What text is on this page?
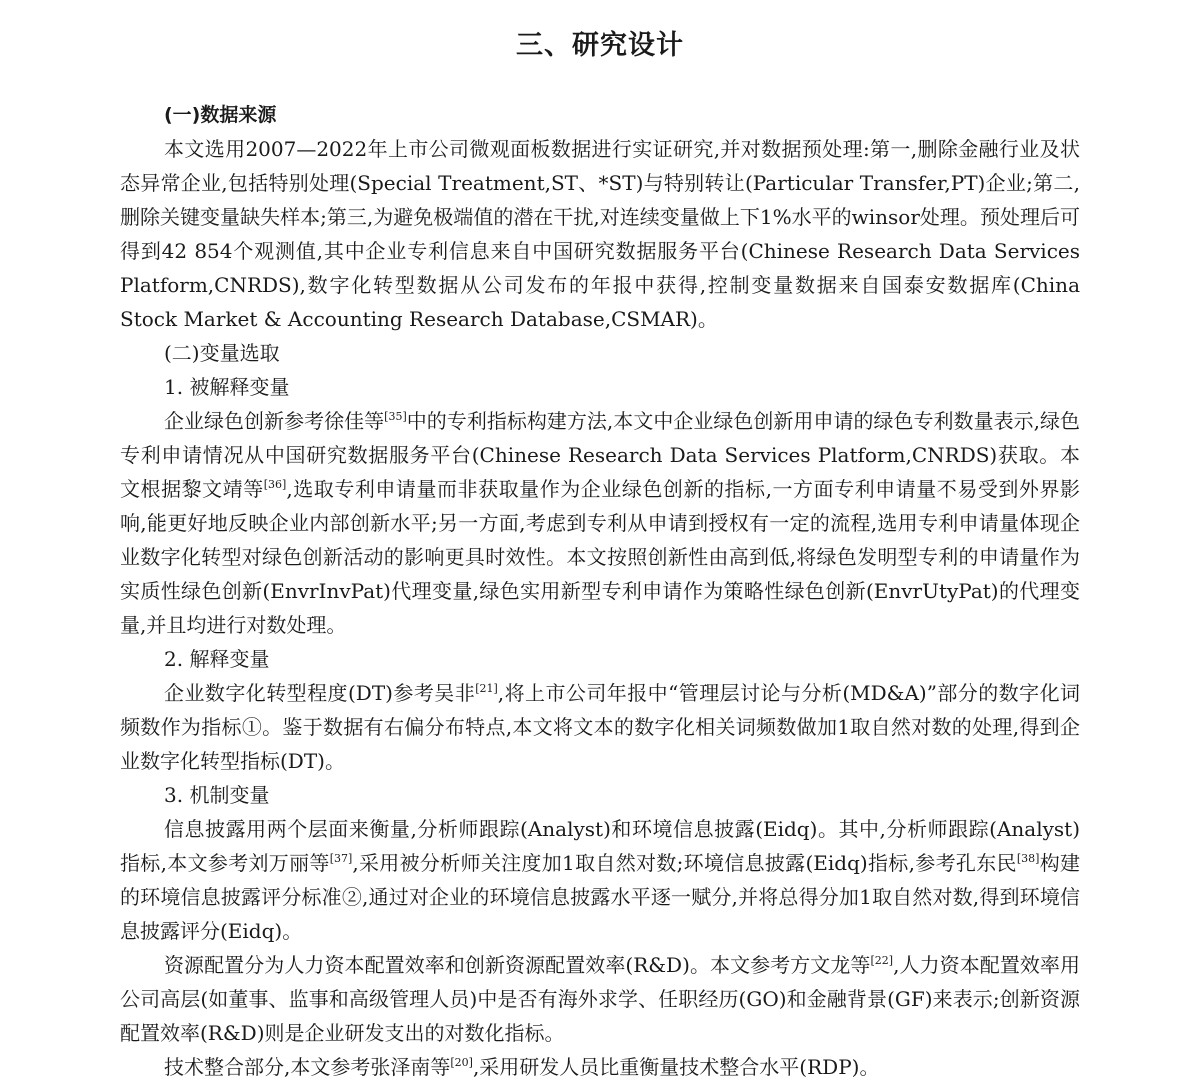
三、研究设计
(一)数据来源

本文选用2007—2022年上市公司微观面板数据进行实证研究,并对数据预处理:第一,删除金融行业及状态异常企业,包括特别处理(Special Treatment,ST、*ST)与特别转让(Particular Transfer,PT)企业;第二,删除关键变量缺失样本;第三,为避免极端值的潜在干扰,对连续变量做上下1%水平的winsor处理。预处理后可得到42 854个观测值,其中企业专利信息来自中国研究数据服务平台(Chinese Research Data Services Platform,CNRDS),数字化转型数据从公司发布的年报中获得,控制变量数据来自国泰安数据库(China Stock Market & Accounting Research Database,CSMAR)。

(二)变量选取
1. 被解释变量

企业绿色创新参考徐佳等[35]中的专利指标构建方法,本文中企业绿色创新用申请的绿色专利数量表示,绿色专利申请情况从中国研究数据服务平台(Chinese Research Data Services Platform,CNRDS)获取。本文根据黎文靖等[36],选取专利申请量而非获取量作为企业绿色创新的指标,一方面专利申请量不易受到外界影响,能更好地反映企业内部创新水平;另一方面,考虑到专利从申请到授权有一定的流程,选用专利申请量体现企业数字化转型对绿色创新活动的影响更具时效性。本文按照创新性由高到低,将绿色发明型专利的申请量作为实质性绿色创新(EnvrInvPat)代理变量,绿色实用新型专利申请作为策略性绿色创新(EnvrUtyPat)的代理变量,并且均进行对数处理。

2. 解释变量

企业数字化转型程度(DT)参考吴非[21],将上市公司年报中“管理层讨论与分析(MD&A)”部分的数字化词频数作为指标①。鉴于数据有右偏分布特点,本文将文本的数字化相关词频数做加1取自然对数的处理,得到企业数字化转型指标(DT)。

3. 机制变量

信息披露用两个层面来衡量,分析师跟踪(Analyst)和环境信息披露(Eidq)。其中,分析师跟踪(Analyst)指标,本文参考刘万丽等[37],采用被分析师关注度加1取自然对数;环境信息披露(Eidq)指标,参考孔东民[38]构建的环境信息披露评分标准②,通过对企业的环境信息披露水平逐一赋分,并将总得分加1取自然对数,得到环境信息披露评分(Eidq)。

资源配置分为人力资本配置效率和创新资源配置效率(R&D)。本文参考方文龙等[22],人力资本配置效率用公司高层(如董事、监事和高级管理人员)中是否有海外求学、任职经历(GO)和金融背景(GF)来表示;创新资源配置效率(R&D)则是企业研发支出的对数化指标。

技术整合部分,本文参考张泽南等[20],采用研发人员比重衡量技术整合水平(RDP)。
